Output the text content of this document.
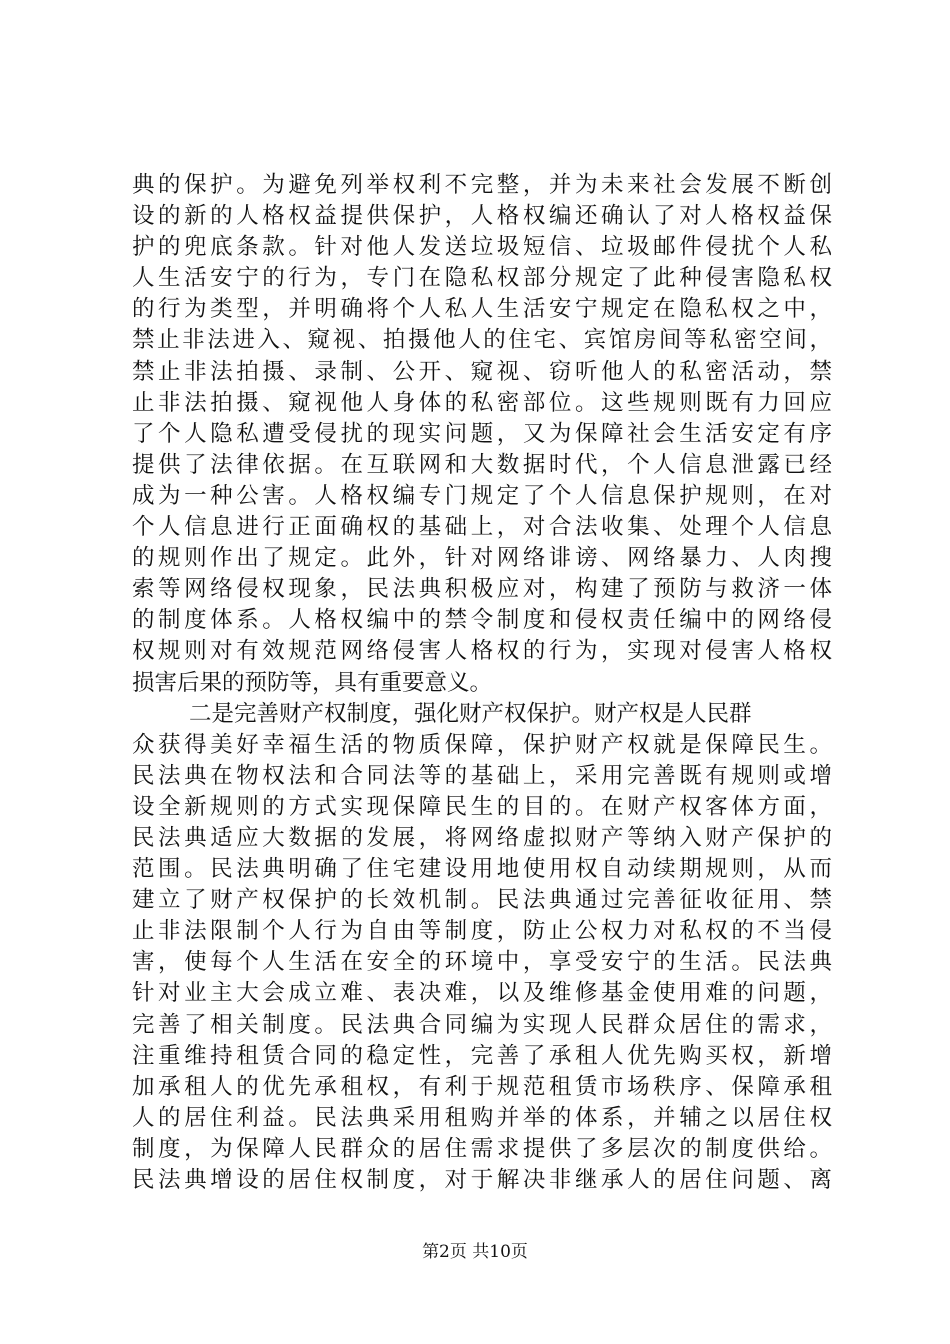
典的保护。为避免列举权利不完整，并为未来社会发展不断创
设的新的人格权益提供保护，人格权编还确认了对人格权益保
护的兜底条款。针对他人发送垃圾短信、垃圾邮件侵扰个人私
人生活安宁的行为，专门在隐私权部分规定了此种侵害隐私权
的行为类型，并明确将个人私人生活安宁规定在隐私权之中，
禁止非法进入、窥视、拍摄他人的住宅、宾馆房间等私密空间，
禁止非法拍摄、录制、公开、窥视、窃听他人的私密活动，禁
止非法拍摄、窥视他人身体的私密部位。这些规则既有力回应
了个人隐私遭受侵扰的现实问题，又为保障社会生活安定有序
提供了法律依据。在互联网和大数据时代，个人信息泄露已经
成为一种公害。人格权编专门规定了个人信息保护规则，在对
个人信息进行正面确权的基础上，对合法收集、处理个人信息
的规则作出了规定。此外，针对网络诽谤、网络暴力、人肉搜
索等网络侵权现象，民法典积极应对，构建了预防与救济一体
的制度体系。人格权编中的禁令制度和侵权责任编中的网络侵
权规则对有效规范网络侵害人格权的行为，实现对侵害人格权
损害后果的预防等，具有重要意义。
二是完善财产权制度，强化财产权保护。财产权是人民群
众获得美好幸福生活的物质保障，保护财产权就是保障民生。
民法典在物权法和合同法等的基础上，采用完善既有规则或增
设全新规则的方式实现保障民生的目的。在财产权客体方面，
民法典适应大数据的发展，将网络虚拟财产等纳入财产保护的
范围。民法典明确了住宅建设用地使用权自动续期规则，从而
建立了财产权保护的长效机制。民法典通过完善征收征用、禁
止非法限制个人行为自由等制度，防止公权力对私权的不当侵
害，使每个人生活在安全的环境中，享受安宁的生活。民法典
针对业主大会成立难、表决难，以及维修基金使用难的问题，
完善了相关制度。民法典合同编为实现人民群众居住的需求，
注重维持租赁合同的稳定性，完善了承租人优先购买权，新增
加承租人的优先承租权，有利于规范租赁市场秩序、保障承租
人的居住利益。民法典采用租购并举的体系，并辅之以居住权
制度，为保障人民群众的居住需求提供了多层次的制度供给。
民法典增设的居住权制度，对于解决非继承人的居住问题、离
第2页 共10页
